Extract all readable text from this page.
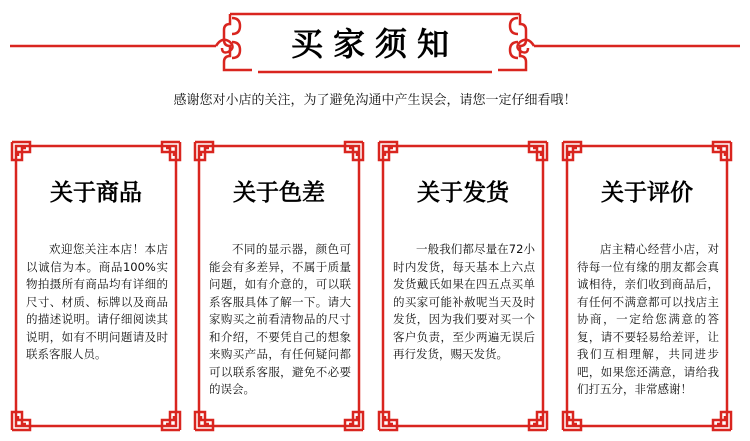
买家须知
感谢您对小店的关注，为了避免沟通中产生误会，请您一定仔细看哦！
关于商品
欢迎您关注本店！本店以诚信为本。商品100%实物拍摄所有商品均有详细的尺寸、材质、标牌以及商品的描述说明。请仔细阅读其说明，如有不明问题请及时联系客服人员。
关于色差
不同的显示器，颜色可能会有多差异，不属于质量问题，如有介意的，可以联系客服具体了解一下。请大家购买之前看清物品的尺寸和介绍，不要凭自己的想象来购买产品，有任何疑问都可以联系客服，避免不必要的误会。
关于发货
一般我们都尽量在72小时内发货，每天基本上六点发货戴氏如果在四五点买单的买家可能补赦呢当天及时发货，因为我们要对买一个客户负责，至少两遍无误后再行发货，赐天发货。
关于评价
店主精心经营小店，对待每一位有缘的朋友都会真诚相待，亲们收到商品后，有任何不满意都可以找店主协商，一定给您满意的答复，请不要轻易给差评，让我们互相理解，共同进步吧，如果您还满意，请给我们打五分，非常感谢！
